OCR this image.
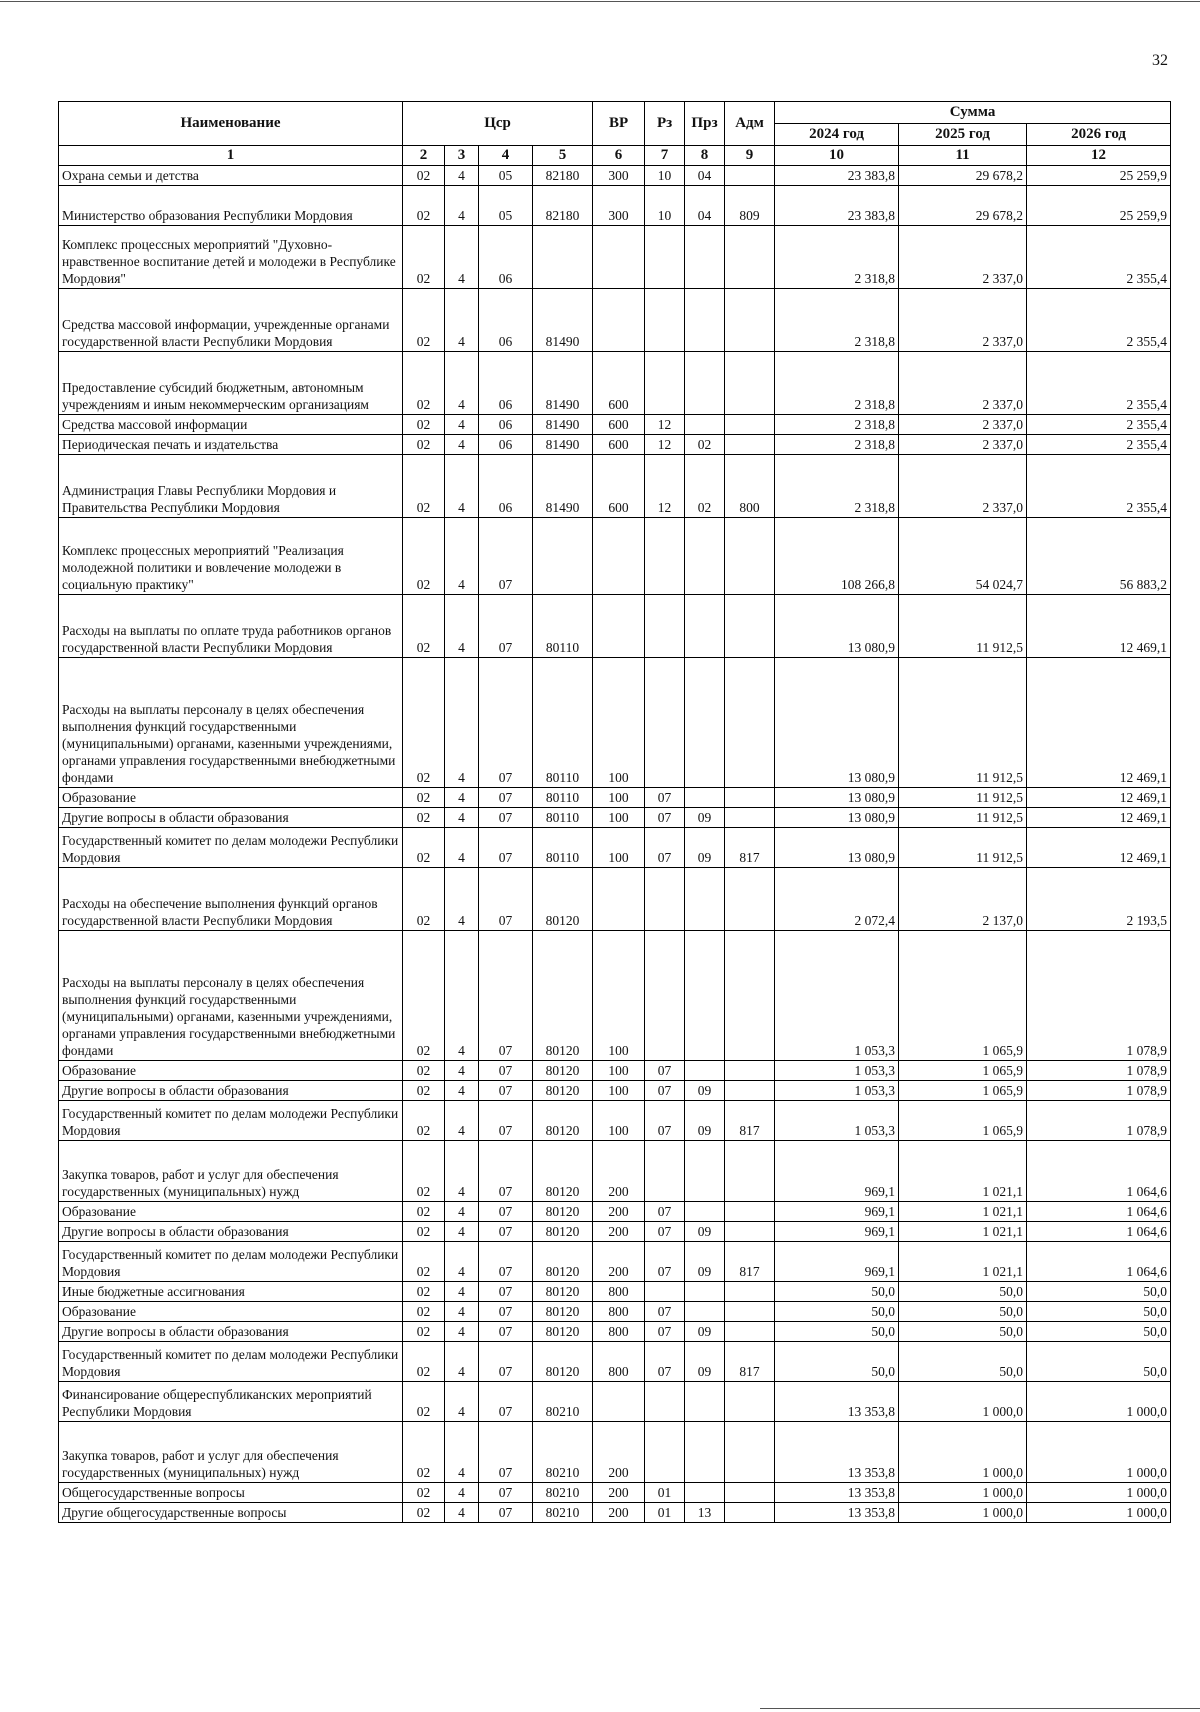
32
Наименование	Цср				ВР	Рз	Прз	Адм	Сумма		
									2024 год	2025 год	2026 год
1	2	3	4	5	6	7	8	9	10	11	12
Охрана семьи и детства	02	4	05	82180	300	10	04		23 383,8	29 678,2	25 259,9
Министерство образования Республики Мордовия	02	4	05	82180	300	10	04	809	23 383,8	29 678,2	25 259,9
Комплекс процессных мероприятий "Духовно-нравственное воспитание детей и молодежи в Республике Мордовия"	02	4	06						2 318,8	2 337,0	2 355,4
Средства массовой информации, учрежденные органами государственной власти Республики Мордовия	02	4	06	81490					2 318,8	2 337,0	2 355,4
Предоставление субсидий бюджетным, автономным учреждениям и иным некоммерческим организациям	02	4	06	81490	600				2 318,8	2 337,0	2 355,4
Средства массовой информации	02	4	06	81490	600	12			2 318,8	2 337,0	2 355,4
Периодическая печать и издательства	02	4	06	81490	600	12	02		2 318,8	2 337,0	2 355,4
Администрация Главы Республики Мордовия и Правительства Республики Мордовия	02	4	06	81490	600	12	02	800	2 318,8	2 337,0	2 355,4
Комплекс процессных мероприятий "Реализация молодежной политики и вовлечение молодежи в социальную практику"	02	4	07						108 266,8	54 024,7	56 883,2
Расходы на выплаты по оплате труда работников органов государственной власти Республики Мордовия	02	4	07	80110					13 080,9	11 912,5	12 469,1
Расходы на выплаты персоналу в целях обеспечения выполнения функций государственными (муниципальными) органами, казенными учреждениями, органами управления государственными внебюджетными фондами	02	4	07	80110	100				13 080,9	11 912,5	12 469,1
Образование	02	4	07	80110	100	07			13 080,9	11 912,5	12 469,1
Другие вопросы в области образования	02	4	07	80110	100	07	09		13 080,9	11 912,5	12 469,1
Государственный комитет по делам молодежи Республики Мордовия	02	4	07	80110	100	07	09	817	13 080,9	11 912,5	12 469,1
Расходы на обеспечение выполнения функций органов государственной власти Республики Мордовия	02	4	07	80120					2 072,4	2 137,0	2 193,5
Расходы на выплаты персоналу в целях обеспечения выполнения функций государственными (муниципальными) органами, казенными учреждениями, органами управления государственными внебюджетными фондами	02	4	07	80120	100				1 053,3	1 065,9	1 078,9
Образование	02	4	07	80120	100	07			1 053,3	1 065,9	1 078,9
Другие вопросы в области образования	02	4	07	80120	100	07	09		1 053,3	1 065,9	1 078,9
Государственный комитет по делам молодежи Республики Мордовия	02	4	07	80120	100	07	09	817	1 053,3	1 065,9	1 078,9
Закупка товаров, работ и услуг для обеспечения государственных (муниципальных) нужд	02	4	07	80120	200				969,1	1 021,1	1 064,6
Образование	02	4	07	80120	200	07			969,1	1 021,1	1 064,6
Другие вопросы в области образования	02	4	07	80120	200	07	09		969,1	1 021,1	1 064,6
Государственный комитет по делам молодежи Республики Мордовия	02	4	07	80120	200	07	09	817	969,1	1 021,1	1 064,6
Иные бюджетные ассигнования	02	4	07	80120	800				50,0	50,0	50,0
Образование	02	4	07	80120	800	07			50,0	50,0	50,0
Другие вопросы в области образования	02	4	07	80120	800	07	09		50,0	50,0	50,0
Государственный комитет по делам молодежи Республики Мордовия	02	4	07	80120	800	07	09	817	50,0	50,0	50,0
Финансирование общереспубликанских мероприятий Республики Мордовия	02	4	07	80210					13 353,8	1 000,0	1 000,0
Закупка товаров, работ и услуг для обеспечения государственных (муниципальных) нужд	02	4	07	80210	200				13 353,8	1 000,0	1 000,0
Общегосударственные вопросы	02	4	07	80210	200	01			13 353,8	1 000,0	1 000,0
Другие общегосударственные вопросы	02	4	07	80210	200	01	13		13 353,8	1 000,0	1 000,0
